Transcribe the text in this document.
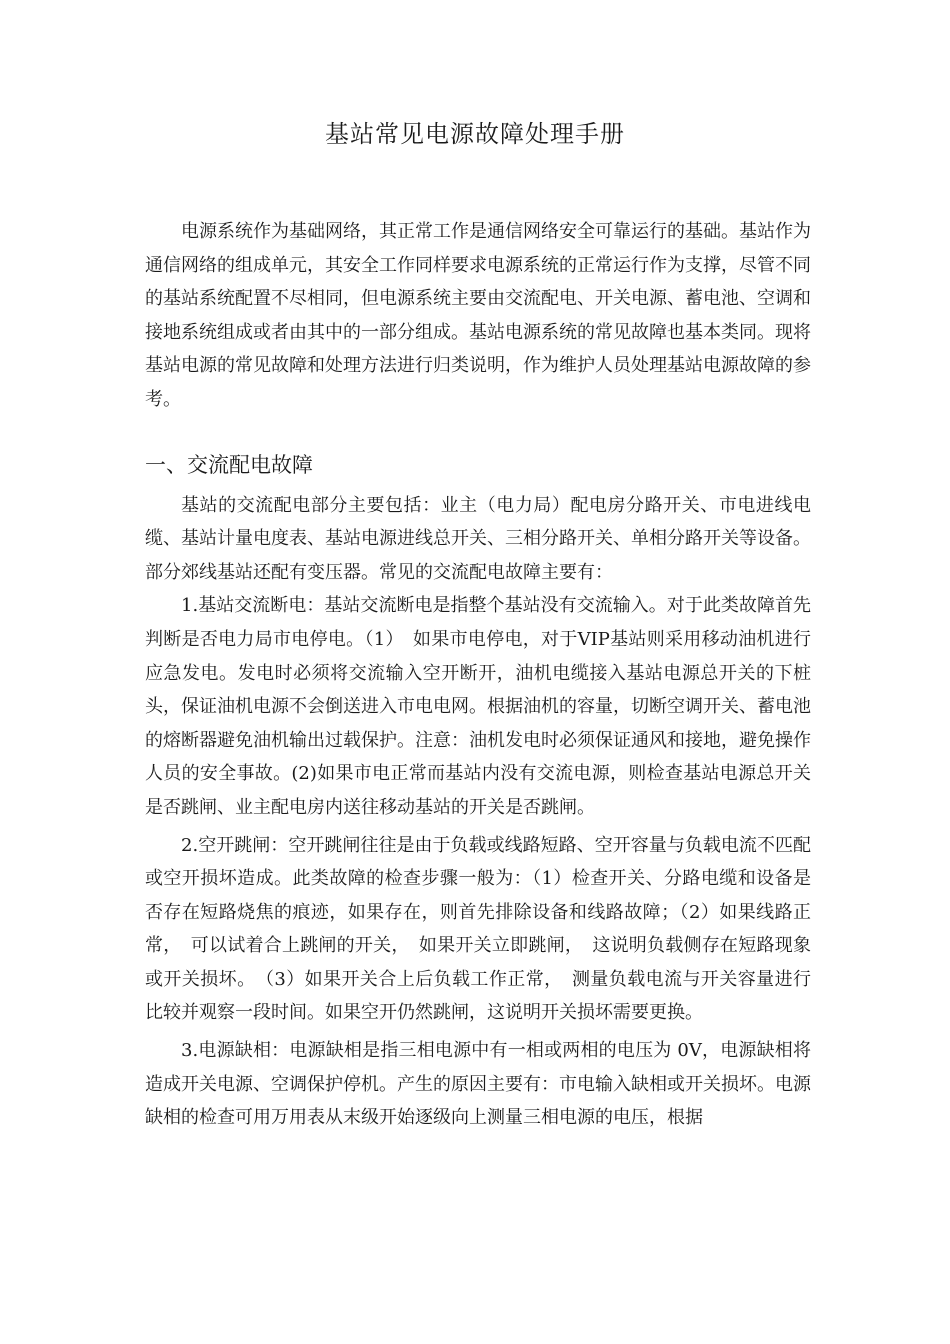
基站常见电源故障处理手册

电源系统作为基础网络，其正常工作是通信网络安全可靠运行的基础。基站作为通信网络的组成单元，其安全工作同样要求电源系统的正常运行作为支撑，尽管不同的基站系统配置不尽相同，但电源系统主要由交流配电、开关电源、蓄电池、空调和接地系统组成或者由其中的一部分组成。基站电源系统的常见故障也基本类同。现将基站电源的常见故障和处理方法进行归类说明，作为维护人员处理基站电源故障的参考。

一、交流配电故障

基站的交流配电部分主要包括：业主（电力局）配电房分路开关、市电进线电缆、基站计量电度表、基站电源进线总开关、三相分路开关、单相分路开关等设备。部分郊线基站还配有变压器。常见的交流配电故障主要有：

1.基站交流断电：基站交流断电是指整个基站没有交流输入。对于此类故障首先判断是否电力局市电停电。（1）　如果市电停电，对于VIP基站则采用移动油机进行应急发电。发电时必须将交流输入空开断开，油机电缆接入基站电源总开关的下桩头，保证油机电源不会倒送进入市电电网。根据油机的容量，切断空调开关、蓄电池的熔断器避免油机输出过载保护。注意：油机发电时必须保证通风和接地，避免操作人员的安全事故。(2)如果市电正常而基站内没有交流电源，则检查基站电源总开关是否跳闸、业主配电房内送往移动基站的开关是否跳闸。

2.空开跳闸：空开跳闸往往是由于负载或线路短路、空开容量与负载电流不匹配或空开损坏造成。此类故障的检查步骤一般为：（1）检查开关、分路电缆和设备是否存在短路烧焦的痕迹，如果存在，则首先排除设备和线路故障；（2）如果线路正常，　可以试着合上跳闸的开关，　如果开关立即跳闸，　这说明负载侧存在短路现象或开关损坏。　（3）如果开关合上后负载工作正常，　测量负载电流与开关容量进行比较并观察一段时间。如果空开仍然跳闸，这说明开关损坏需要更换。

3.电源缺相：电源缺相是指三相电源中有一相或两相的电压为 0V，电源缺相将造成开关电源、空调保护停机。产生的原因主要有：市电输入缺相或开关损坏。电源缺相的检查可用万用表从末级开始逐级向上测量三相电源的电压，根据
